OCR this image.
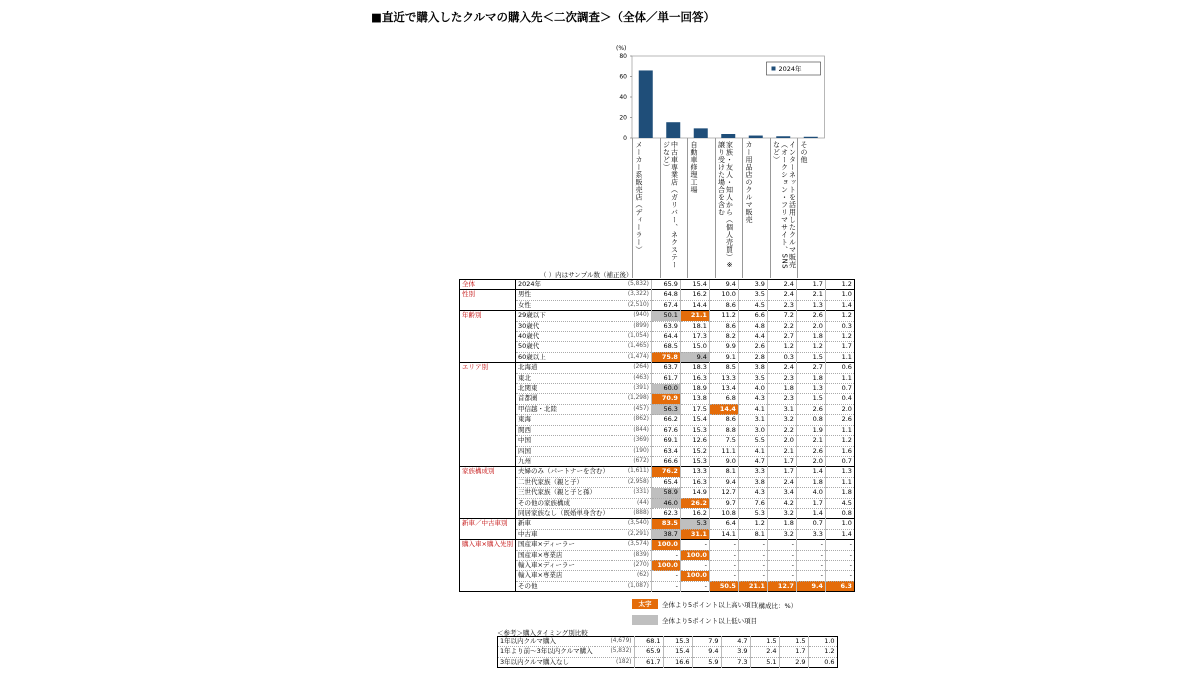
■直近で購入したクルマの購入先＜二次調査＞（全体／単一回答）
(%)
0
20
40
60
80
2024年
メーカー系販売店（ディーラー）	中古車専業店（ガリバー、ネクステージなど）	自動車修理工場	家族・友人・知人から（個人売買）※譲り受けた場合を含む	カー用品店のクルマ販売	インターネットを活用したクルマ販売（オークション・フリマサイト、SNSなど）	その他
（ ）内はサンプル数（補正後）
全体	2024年	(5,832)	65.9	15.4	9.4	3.9	2.4	1.7	1.2
性別	男性	(3,322)	64.8	16.2	10.0	3.5	2.4	2.1	1.0
	女性	(2,510)	67.4	14.4	8.6	4.5	2.3	1.3	1.4
年齢別	29歳以下	(940)	50.1	21.1	11.2	6.6	7.2	2.6	1.2
	30歳代	(899)	63.9	18.1	8.6	4.8	2.2	2.0	0.3
	40歳代	(1,054)	64.4	17.3	8.2	4.4	2.7	1.8	1.2
	50歳代	(1,465)	68.5	15.0	9.9	2.6	1.2	1.2	1.7
	60歳以上	(1,474)	75.8	9.4	9.1	2.8	0.3	1.5	1.1
エリア別	北海道	(264)	63.7	18.3	8.5	3.8	2.4	2.7	0.6
	東北	(463)	61.7	16.3	13.3	3.5	2.3	1.8	1.1
	北関東	(391)	60.0	18.9	13.4	4.0	1.8	1.3	0.7
	首都圏	(1,298)	70.9	13.8	6.8	4.3	2.3	1.5	0.4
	甲信越・北陸	(457)	56.3	17.5	14.4	4.1	3.1	2.6	2.0
	東海	(862)	66.2	15.4	8.6	3.1	3.2	0.8	2.6
	関西	(844)	67.6	15.3	8.8	3.0	2.2	1.9	1.1
	中国	(369)	69.1	12.6	7.5	5.5	2.0	2.1	1.2
	四国	(190)	63.4	15.2	11.1	4.1	2.1	2.6	1.6
	九州	(672)	66.6	15.3	9.0	4.7	1.7	2.0	0.7
家族構成別	夫婦のみ（パートナーを含む）	(1,611)	76.2	13.3	8.1	3.3	1.7	1.4	1.3
	二世代家族（親と子）	(2,958)	65.4	16.3	9.4	3.8	2.4	1.8	1.1
	三世代家族（親と子と孫）	(331)	58.9	14.9	12.7	4.3	3.4	4.0	1.8
	その他の家族構成	(44)	46.0	26.2	9.7	7.6	4.2	1.7	4.5
	同居家族なし（既婚単身含む）	(888)	62.3	16.2	10.8	5.3	3.2	1.4	0.8
新車／中古車別	新車	(3,540)	83.5	5.3	6.4	1.2	1.8	0.7	1.0
	中古車	(2,291)	38.7	31.1	14.1	8.1	3.2	3.3	1.4
購入車×購入先別	国産車×ディーラー	(3,574)	100.0	-	-	-	-	-	-
	国産車×専業店	(839)	-	100.0	-	-	-	-	-
	輸入車×ディーラー	(270)	100.0	-	-	-	-	-	-
	輸入車×専業店	(62)	-	100.0	-	-	-	-	-
	その他	(1,087)	-	-	50.5	21.1	12.7	9.4	6.3
太字	全体より5ポイント以上高い項目
全体より5ポイント以上低い項目
（構成比：%）
＜参考＞購入タイミング別比較
1年以内クルマ購入	(4,679)	68.1	15.3	7.9	4.7	1.5	1.5	1.0
1年より前～3年以内クルマ購入	(5,832)	65.9	15.4	9.4	3.9	2.4	1.7	1.2
3年以内クルマ購入なし	(182)	61.7	16.6	5.9	7.3	5.1	2.9	0.6
